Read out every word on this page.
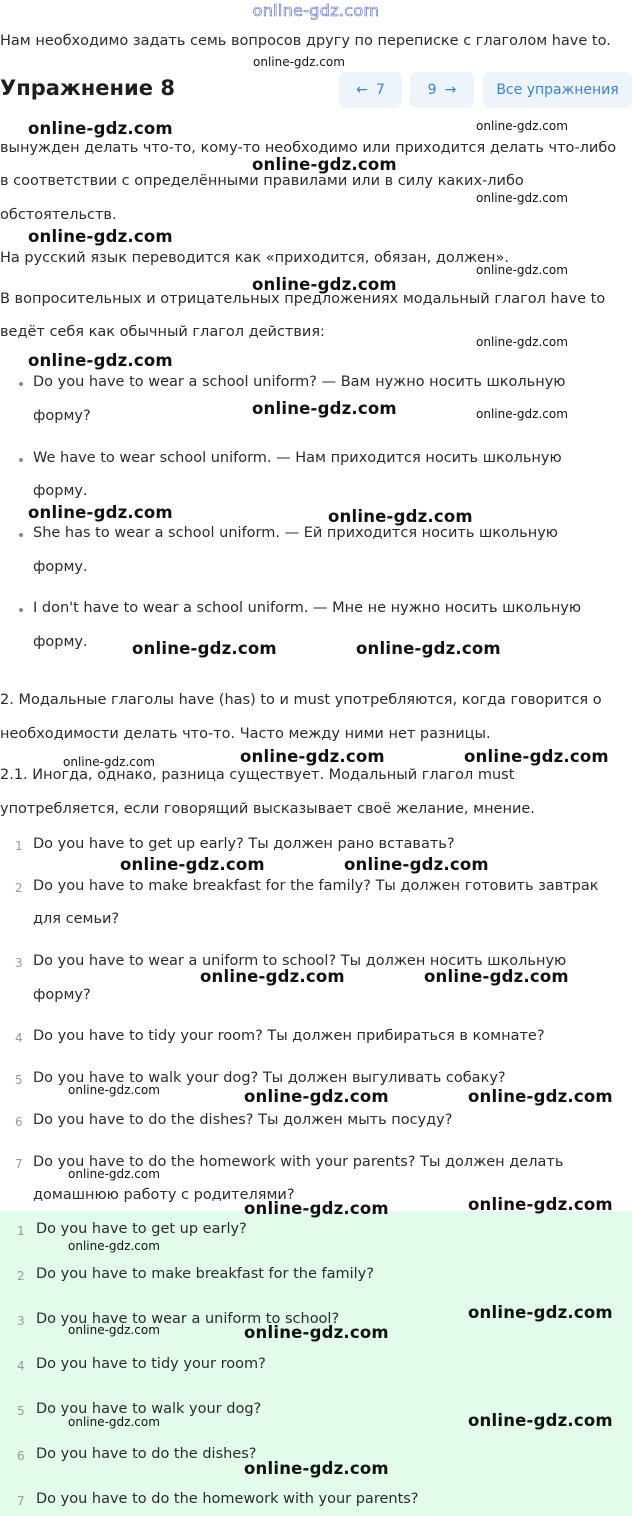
online-gdz.com
Нам необходимо задать семь вопросов другу по переписке с глаголом have to.
Упражнение 8	← 7	9 →	Все упражнения
вынужден делать что-то, кому-то необходимо или приходится делать что-либо
в соответствии с определёнными правилами или в силу каких-либо
обстоятельств.
На русский язык переводится как «приходится, обязан, должен».
В вопросительных и отрицательных предложениях модальный глагол have to
ведёт себя как обычный глагол действия:
Do you have to wear a school uniform? — Вам нужно носить школьную
форму?
We have to wear school uniform. — Нам приходится носить школьную
форму.
She has to wear a school uniform. — Ей приходится носить школьную
форму.
I don't have to wear a school uniform. — Мне не нужно носить школьную
форму.
2. Модальные глаголы have (has) to и must употребляются, когда говорится о
необходимости делать что-то. Часто между ними нет разницы.
2.1. Иногда, однако, разница существует. Модальный глагол must
употребляется, если говорящий высказывает своё желание, мнение.
1 Do you have to get up early? Ты должен рано вставать?
2 Do you have to make breakfast for the family? Ты должен готовить завтрак
для семьи?
3 Do you have to wear a uniform to school? Ты должен носить школьную
форму?
4 Do you have to tidy your room? Ты должен прибираться в комнате?
5 Do you have to walk your dog? Ты должен выгуливать собаку?
6 Do you have to do the dishes? Ты должен мыть посуду?
7 Do you have to do the homework with your parents? Ты должен делать
домашнюю работу с родителями?
1 Do you have to get up early?
2 Do you have to make breakfast for the family?
3 Do you have to wear a uniform to school?
4 Do you have to tidy your room?
5 Do you have to walk your dog?
6 Do you have to do the dishes?
7 Do you have to do the homework with your parents?
online-gdz.com
online-gdz.com	online-gdz.com
online-gdz.com
online-gdz.com
online-gdz.com
online-gdz.com
online-gdz.com
online-gdz.com
online-gdz.com
online-gdz.com	online-gdz.com
online-gdz.com	online-gdz.com
online-gdz.com	online-gdz.com
online-gdz.com	online-gdz.com	online-gdz.com
online-gdz.com	online-gdz.com
online-gdz.com	online-gdz.com
online-gdz.com	online-gdz.com	online-gdz.com
online-gdz.com
online-gdz.com	online-gdz.com
online-gdz.com
online-gdz.com
online-gdz.com	online-gdz.com
online-gdz.com	online-gdz.com
online-gdz.com
